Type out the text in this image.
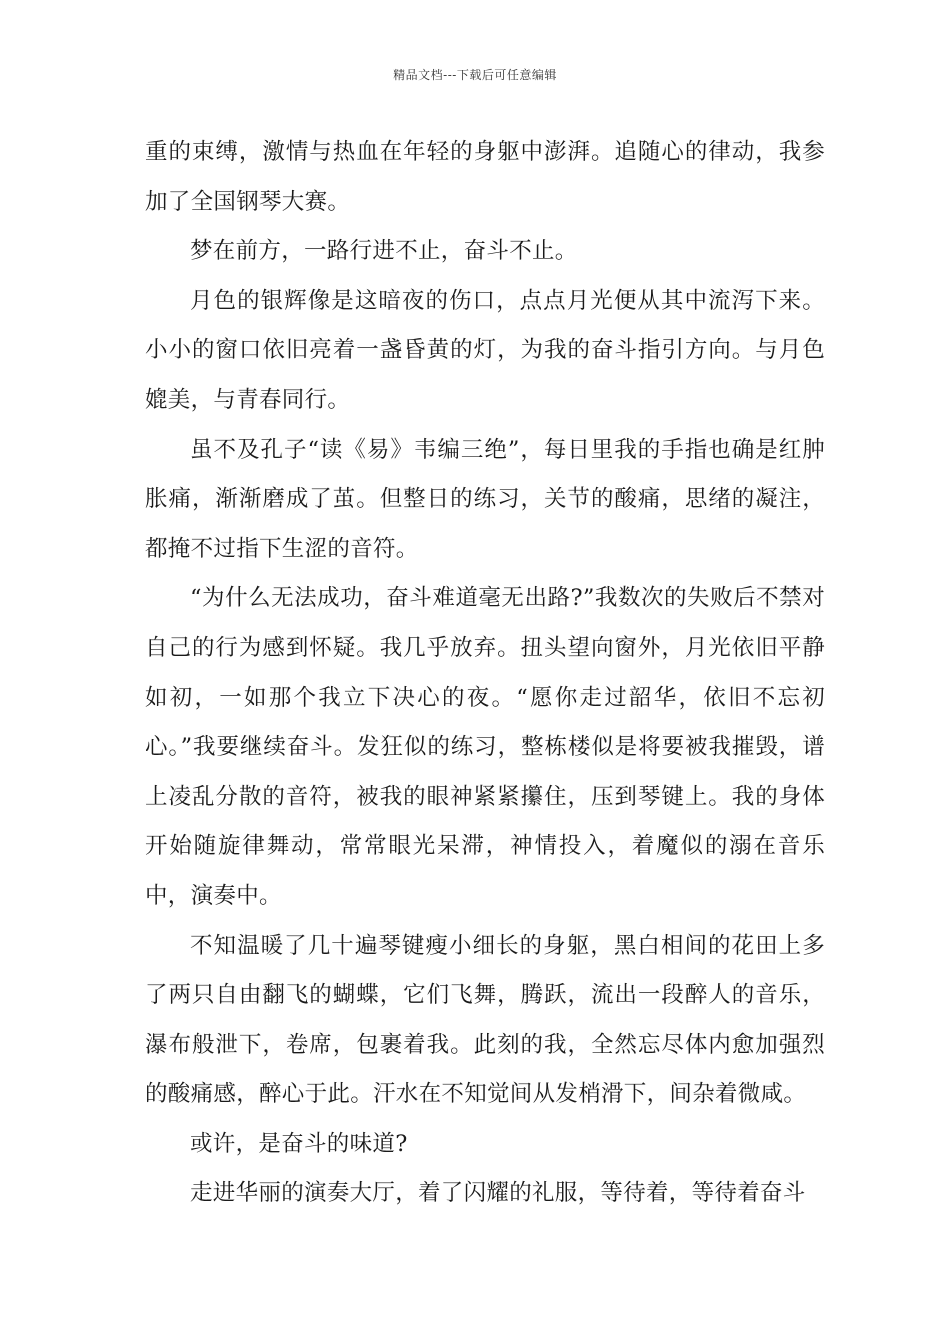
精品文档---下载后可任意编辑

重的束缚，激情与热血在年轻的身躯中澎湃。追随心的律动，我参加了全国钢琴大赛。

梦在前方，一路行进不止，奋斗不止。

月色的银辉像是这暗夜的伤口，点点月光便从其中流泻下来。小小的窗口依旧亮着一盏昏黄的灯，为我的奋斗指引方向。与月色媲美，与青春同行。

虽不及孔子“读《易》韦编三绝”，每日里我的手指也确是红肿胀痛，渐渐磨成了茧。但整日的练习，关节的酸痛，思绪的凝注，都掩不过指下生涩的音符。

“为什么无法成功，奋斗难道毫无出路?”我数次的失败后不禁对自己的行为感到怀疑。我几乎放弃。扭头望向窗外，月光依旧平静如初，一如那个我立下决心的夜。“愿你走过韶华，依旧不忘初心。”我要继续奋斗。发狂似的练习，整栋楼似是将要被我摧毁，谱上凌乱分散的音符，被我的眼神紧紧攥住，压到琴键上。我的身体开始随旋律舞动，常常眼光呆滞，神情投入，着魔似的溺在音乐中，演奏中。

不知温暖了几十遍琴键瘦小细长的身躯，黑白相间的花田上多了两只自由翻飞的蝴蝶，它们飞舞，腾跃，流出一段醉人的音乐，瀑布般泄下，卷席，包裹着我。此刻的我，全然忘尽体内愈加强烈的酸痛感，醉心于此。汗水在不知觉间从发梢滑下，间杂着微咸。

或许，是奋斗的味道?

走进华丽的演奏大厅，着了闪耀的礼服，等待着，等待着奋斗
